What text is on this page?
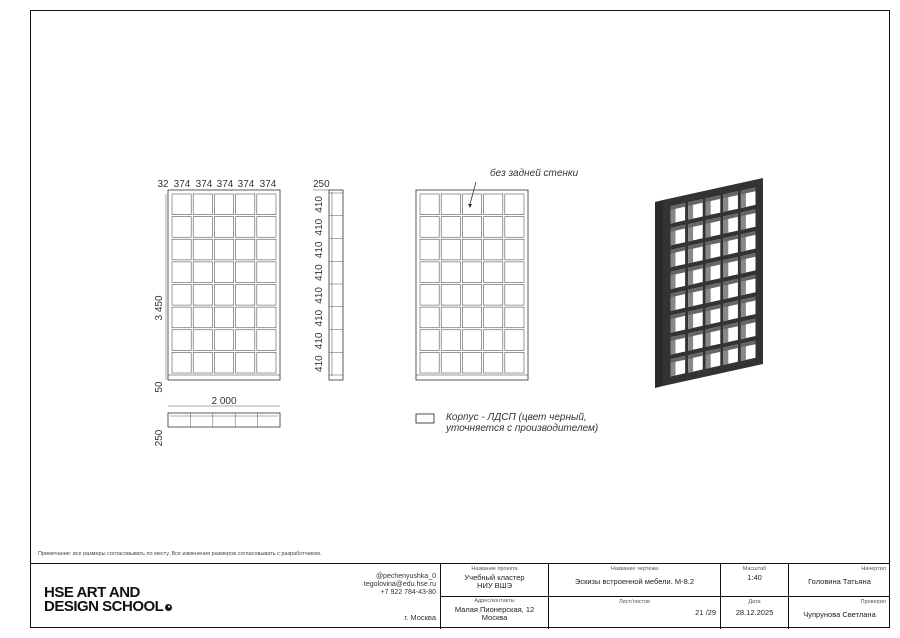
3 450
50
250
410
410
410
410
410
410
410
410
2 000
250
без задней стенки
Корпус - ЛДСП (цвет черный,
уточняется с производителем)
32 374 374 374 374 374
Примечание: все размеры согласовывать по месту. Все изменения размеров согласовывать с разработчиком.
HSE ART AND
DESIGN SCHOOL ●
@pechenyushka_0
tegolovina@edu.hse.ru
+7 922 784-43-80
г. Москва
Название проекта
Учебный кластер
НИУ ВШЭ
Адрес/контакты
Малая Пионерская, 12
Москва
Название чертежа
Эскизы встроенной мебели. М-8.2
Лист/листов
21 /29
Масштаб
1:40
Дата
28.12.2025
Начертил
Головина Татьяна
Проверил
Чупрунова Светлана
